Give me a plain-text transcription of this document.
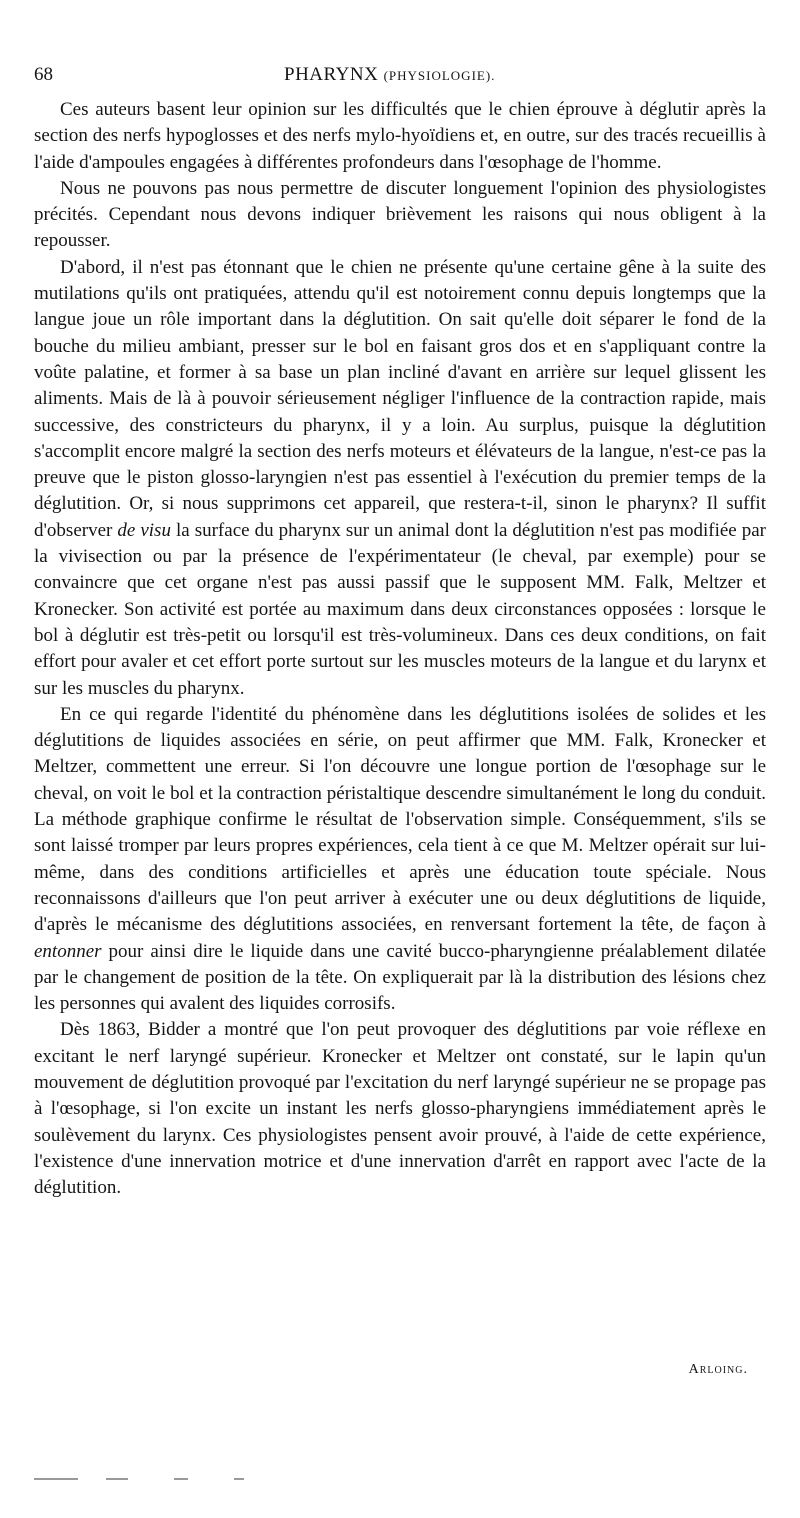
68	PHARYNX (PHYSIOLOGIE).

Ces auteurs basent leur opinion sur les difficultés que le chien éprouve à déglutir après la section des nerfs hypoglosses et des nerfs mylo-hyoïdiens et, en outre, sur des tracés recueillis à l'aide d'ampoules engagées à différentes profondeurs dans l'œsophage de l'homme.

Nous ne pouvons pas nous permettre de discuter longuement l'opinion des physiologistes précités. Cependant nous devons indiquer brièvement les raisons qui nous obligent à la repousser.

D'abord, il n'est pas étonnant que le chien ne présente qu'une certaine gêne à la suite des mutilations qu'ils ont pratiquées, attendu qu'il est notoirement connu depuis longtemps que la langue joue un rôle important dans la déglutition. On sait qu'elle doit séparer le fond de la bouche du milieu ambiant, presser sur le bol en faisant gros dos et en s'appliquant contre la voûte palatine, et former à sa base un plan incliné d'avant en arrière sur lequel glissent les aliments. Mais de là à pouvoir sérieusement négliger l'influence de la contraction rapide, mais successive, des constricteurs du pharynx, il y a loin. Au surplus, puisque la déglutition s'accomplit encore malgré la section des nerfs moteurs et élévateurs de la langue, n'est-ce pas la preuve que le piston glosso-laryngien n'est pas essentiel à l'exécution du premier temps de la déglutition. Or, si nous supprimons cet appareil, que restera-t-il, sinon le pharynx? Il suffit d'observer de visu la surface du pharynx sur un animal dont la déglutition n'est pas modifiée par la vivisection ou par la présence de l'expérimentateur (le cheval, par exemple) pour se convaincre que cet organe n'est pas aussi passif que le supposent MM. Falk, Meltzer et Kronecker. Son activité est portée au maximum dans deux circonstances opposées : lorsque le bol à déglutir est très-petit ou lorsqu'il est très-volumineux. Dans ces deux conditions, on fait effort pour avaler et cet effort porte surtout sur les muscles moteurs de la langue et du larynx et sur les muscles du pharynx.

En ce qui regarde l'identité du phénomène dans les déglutitions isolées de solides et les déglutitions de liquides associées en série, on peut affirmer que MM. Falk, Kronecker et Meltzer, commettent une erreur. Si l'on découvre une longue portion de l'œsophage sur le cheval, on voit le bol et la contraction péristaltique descendre simultanément le long du conduit. La méthode graphique confirme le résultat de l'observation simple. Conséquemment, s'ils se sont laissé tromper par leurs propres expériences, cela tient à ce que M. Meltzer opérait sur lui-même, dans des conditions artificielles et après une éducation toute spéciale. Nous reconnaissons d'ailleurs que l'on peut arriver à exécuter une ou deux déglutitions de liquide, d'après le mécanisme des déglutitions associées, en renversant fortement la tête, de façon à entonner pour ainsi dire le liquide dans une cavité bucco-pharyngienne préalablement dilatée par le changement de position de la tête. On expliquerait par là la distribution des lésions chez les personnes qui avalent des liquides corrosifs.

Dès 1863, Bidder a montré que l'on peut provoquer des déglutitions par voie réflexe en excitant le nerf laryngé supérieur. Kronecker et Meltzer ont constaté, sur le lapin qu'un mouvement de déglutition provoqué par l'excitation du nerf laryngé supérieur ne se propage pas à l'œsophage, si l'on excite un instant les nerfs glosso-pharyngiens immédiatement après le soulèvement du larynx. Ces physiologistes pensent avoir prouvé, à l'aide de cette expérience, l'existence d'une innervation motrice et d'une innervation d'arrêt en rapport avec l'acte de la déglutition.

Arloing.
